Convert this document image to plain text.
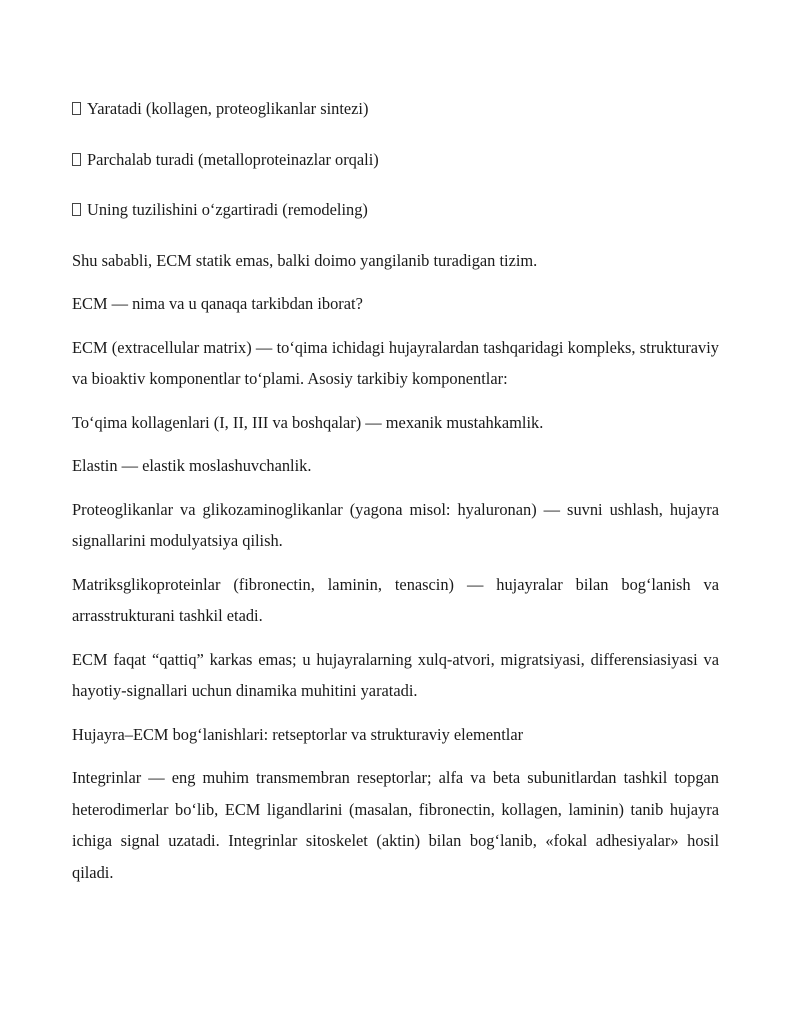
Yaratadi (kollagen, proteoglikanlar sintezi)
Parchalab turadi (metalloproteinazlar orqali)
Uning tuzilishini o‘zgartiradi (remodeling)

Shu sababli, ECM statik emas, balki doimo yangilanib turadigan tizim.

ECM — nima va u qanaqa tarkibdan iborat?

ECM (extracellular matrix) — to‘qima ichidagi hujayralardan tashqaridagi kompleks, strukturaviy va bioaktiv komponentlar to‘plami. Asosiy tarkibiy komponentlar:

To‘qima kollagenlari (I, II, III va boshqalar) — mexanik mustahkamlik.

Elastin — elastik moslashuvchanlik.

Proteoglikanlar va glikozaminoglikanlar (yagona misol: hyaluronan) — suvni ushlash, hujayra signallarini modulyatsiya qilish.

Matriksglikoproteinlar (fibronectin, laminin, tenascin) — hujayralar bilan bog‘lanish va arrasstrukturani tashkil etadi.

ECM faqat “qattiq” karkas emas; u hujayralarning xulq-atvori, migratsiyasi, differensiasiyasi va hayotiy-signallari uchun dinamika muhitini yaratadi.

Hujayra–ECM bog‘lanishlari: retseptorlar va strukturaviy elementlar

Integrinlar — eng muhim transmembran reseptorlar; alfa va beta subunitlardan tashkil topgan heterodimerlar bo‘lib, ECM ligandlarini (masalan, fibronectin, kollagen, laminin) tanib hujayra ichiga signal uzatadi. Integrinlar sitoskelet (aktin) bilan bog‘lanib, «fokal adhesiyalar» hosil qiladi.
